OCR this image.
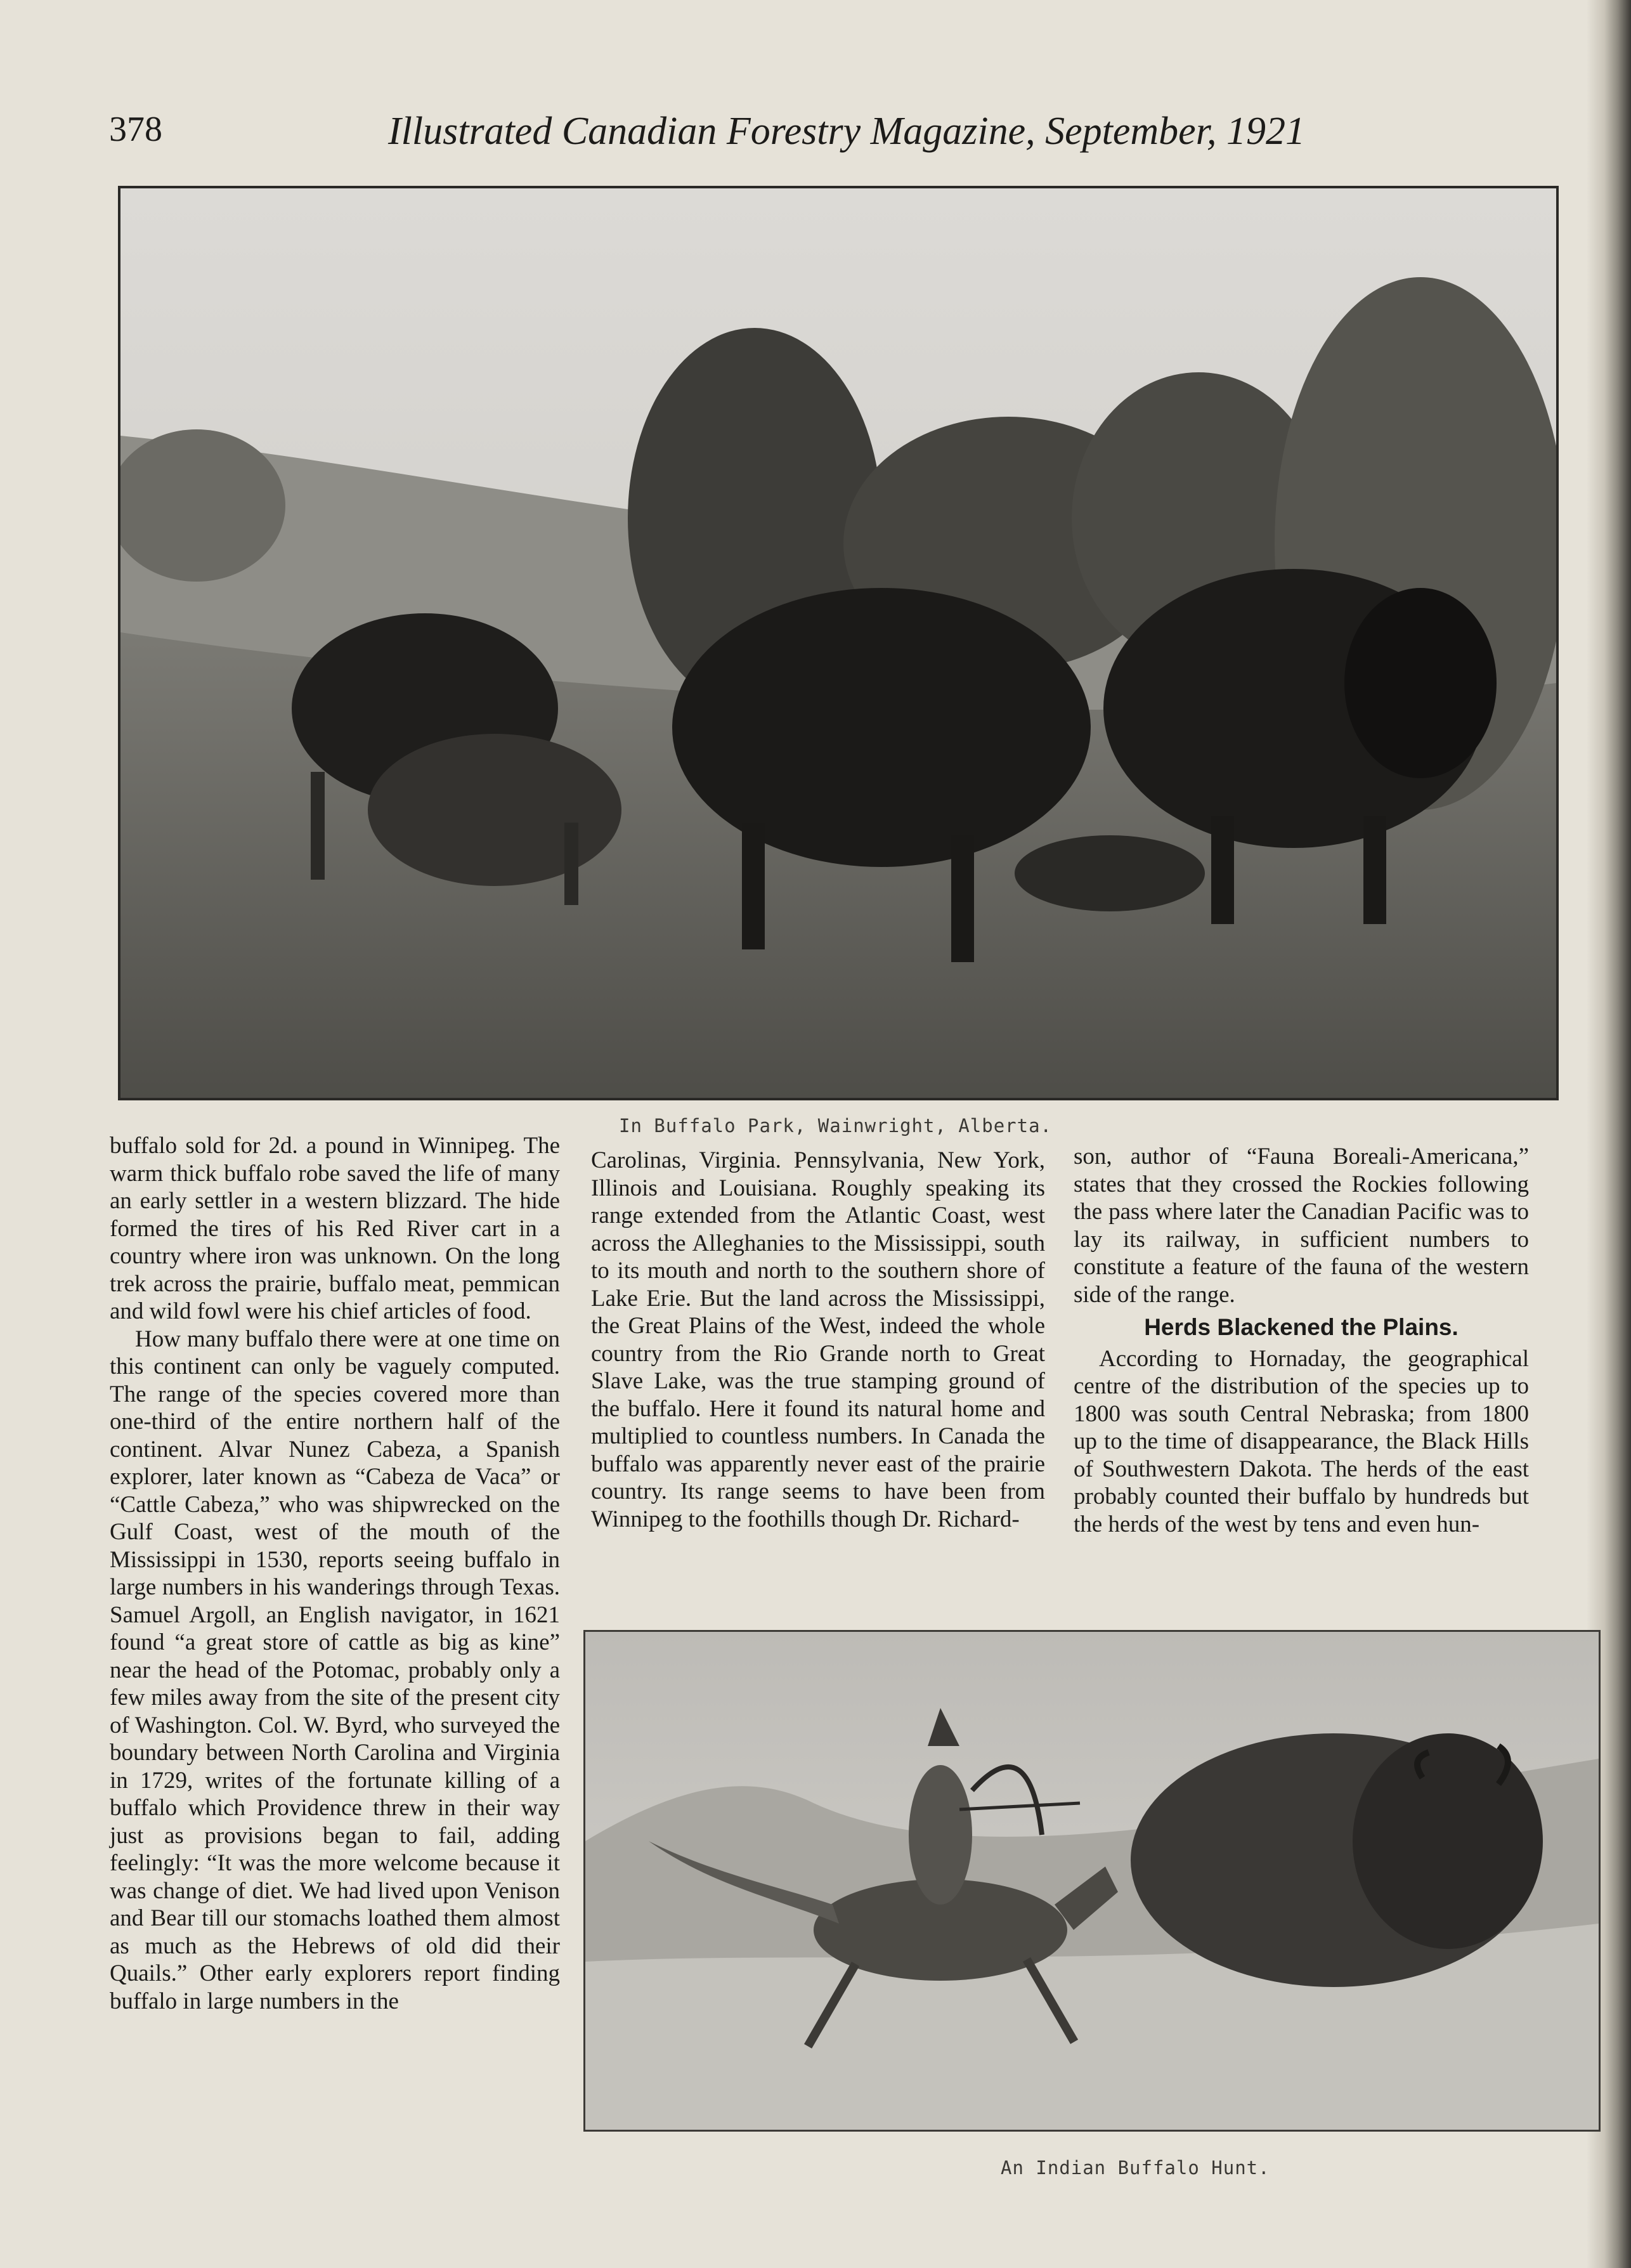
378	Illustrated Canadian Forestry Magazine, September, 1921
In Buffalo Park, Wainwright, Alberta.

buffalo sold for 2d. a pound in Winnipeg. The warm thick buffalo robe saved the life of many an early settler in a western blizzard. The hide formed the tires of his Red River cart in a country where iron was unknown. On the long trek across the prairie, buffalo meat, pemmican and wild fowl were his chief articles of food.

How many buffalo there were at one time on this continent can only be vaguely computed. The range of the species covered more than one-third of the entire northern half of the continent. Alvar Nunez Cabeza, a Spanish explorer, later known as “Cabeza de Vaca” or “Cattle Cabeza,” who was shipwrecked on the Gulf Coast, west of the mouth of the Mississippi in 1530, reports seeing buffalo in large numbers in his wanderings through Texas. Samuel Argoll, an English navigator, in 1621 found “a great store of cattle as big as kine” near the head of the Potomac, probably only a few miles away from the site of the present city of Washington. Col. W. Byrd, who surveyed the boundary between North Carolina and Virginia in 1729, writes of the fortunate killing of a buffalo which Providence threw in their way just as provisions began to fail, adding feelingly: “It was the more welcome because it was change of diet. We had lived upon Venison and Bear till our stomachs loathed them almost as much as the Hebrews of old did their Quails.” Other early explorers report finding buffalo in large numbers in the

Carolinas, Virginia. Pennsylvania, New York, Illinois and Louisiana. Roughly speaking its range extended from the Atlantic Coast, west across the Alleghanies to the Mississippi, south to its mouth and north to the southern shore of Lake Erie. But the land across the Mississippi, the Great Plains of the West, indeed the whole country from the Rio Grande north to Great Slave Lake, was the true stamping ground of the buffalo. Here it found its natural home and multiplied to countless numbers. In Canada the buffalo was apparently never east of the prairie country. Its range seems to have been from Winnipeg to the foothills though Dr. Richard-

son, author of “Fauna Boreali-Americana,” states that they crossed the Rockies following the pass where later the Canadian Pacific was to lay its railway, in sufficient numbers to constitute a feature of the fauna of the western side of the range.

Herds Blackened the Plains.

According to Hornaday, the geographical centre of the distribution of the species up to 1800 was south Central Nebraska; from 1800 up to the time of disappearance, the Black Hills of Southwestern Dakota. The herds of the east probably counted their buffalo by hundreds but the herds of the west by tens and even hun-

An Indian Buffalo Hunt.
